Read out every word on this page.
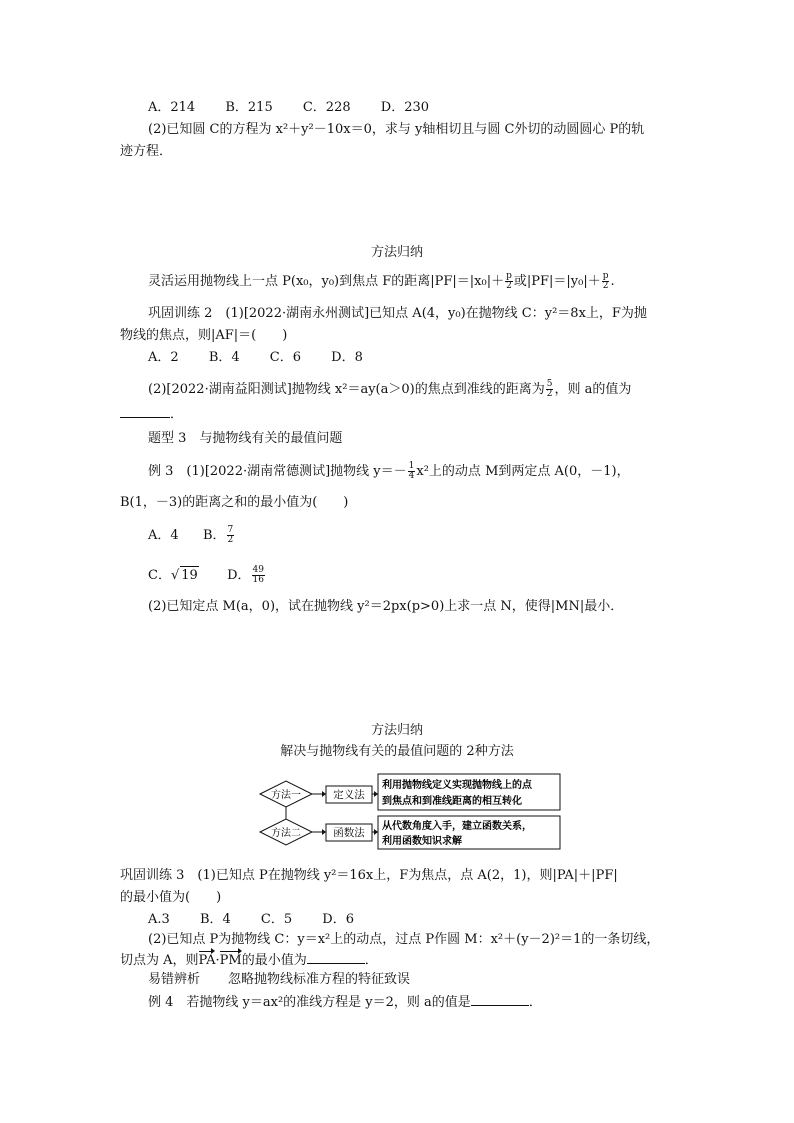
A．214 B．215 C．228 D．230
(2)已知圆 C的方程为 x²＋y²－10x＝0，求与 y轴相切且与圆 C外切的动圆圆心 P的轨
迹方程．
方法归纳
灵活运用抛物线上一点 P(x₀，y₀)到焦点 F的距离$|PF|=|x_0|+ \frac{p}{2}$ 或$|PF|=|y_0|+ \frac{p}{2}$ .
巩固训练 2　(1)[2022·湖南永州测试]已知点 A(4，y₀)在抛物线 C：y²＝8x上，F为抛
物线的焦点，则|AF|＝(　　)
A．2 B．4 C．6 D．8
(2)[2022·湖南益阳测试]抛物线 x²＝ay(a＞0)的焦点到准线的距离为 $\frac{5}{2}$ ，则 a的值为
．
题型 3　与抛物线有关的最值问题
例 3　(1)[2022·湖南常德测试]抛物线 $y=- \frac{1}{4} x^2$上的动点 M到两定点 A(0，－1)，
B(1，－3)的距离之和的最小值为(　　)
A．4 B． $\frac{7}{2}$
C．√ 19 D． $\frac{49}{16}$
(2)已知定点 M(a，0)，试在抛物线 y²＝2px(p>0)上求一点 N，使得|MN|最小．
方法归纳
解决与抛物线有关的最值问题的 2种方法
方法一
方法二
定义法
函数法
利用抛物线定义实现抛物线上的点
到焦点和到准线距离的相互转化
从代数角度入手，建立函数关系，
利用函数知识求解
巩固训练 3　(1)已知点 P在抛物线 y²＝16x上，F为焦点，点 A(2，1)，则|PA|＋|PF|
的最小值为(　　)
A.3 B．4 C．5 D．6
(2)已知点 P为抛物线 C：y＝x²上的动点，过点 P作圆 M：x²＋(y－2)²＝1的一条切线，
切点为 A，则PA·PM的最小值为	．
易错辨析 忽略抛物线标准方程的特征致误
例 4　若抛物线 y＝ax²的准线方程是 y＝2，则 a的值是	．
